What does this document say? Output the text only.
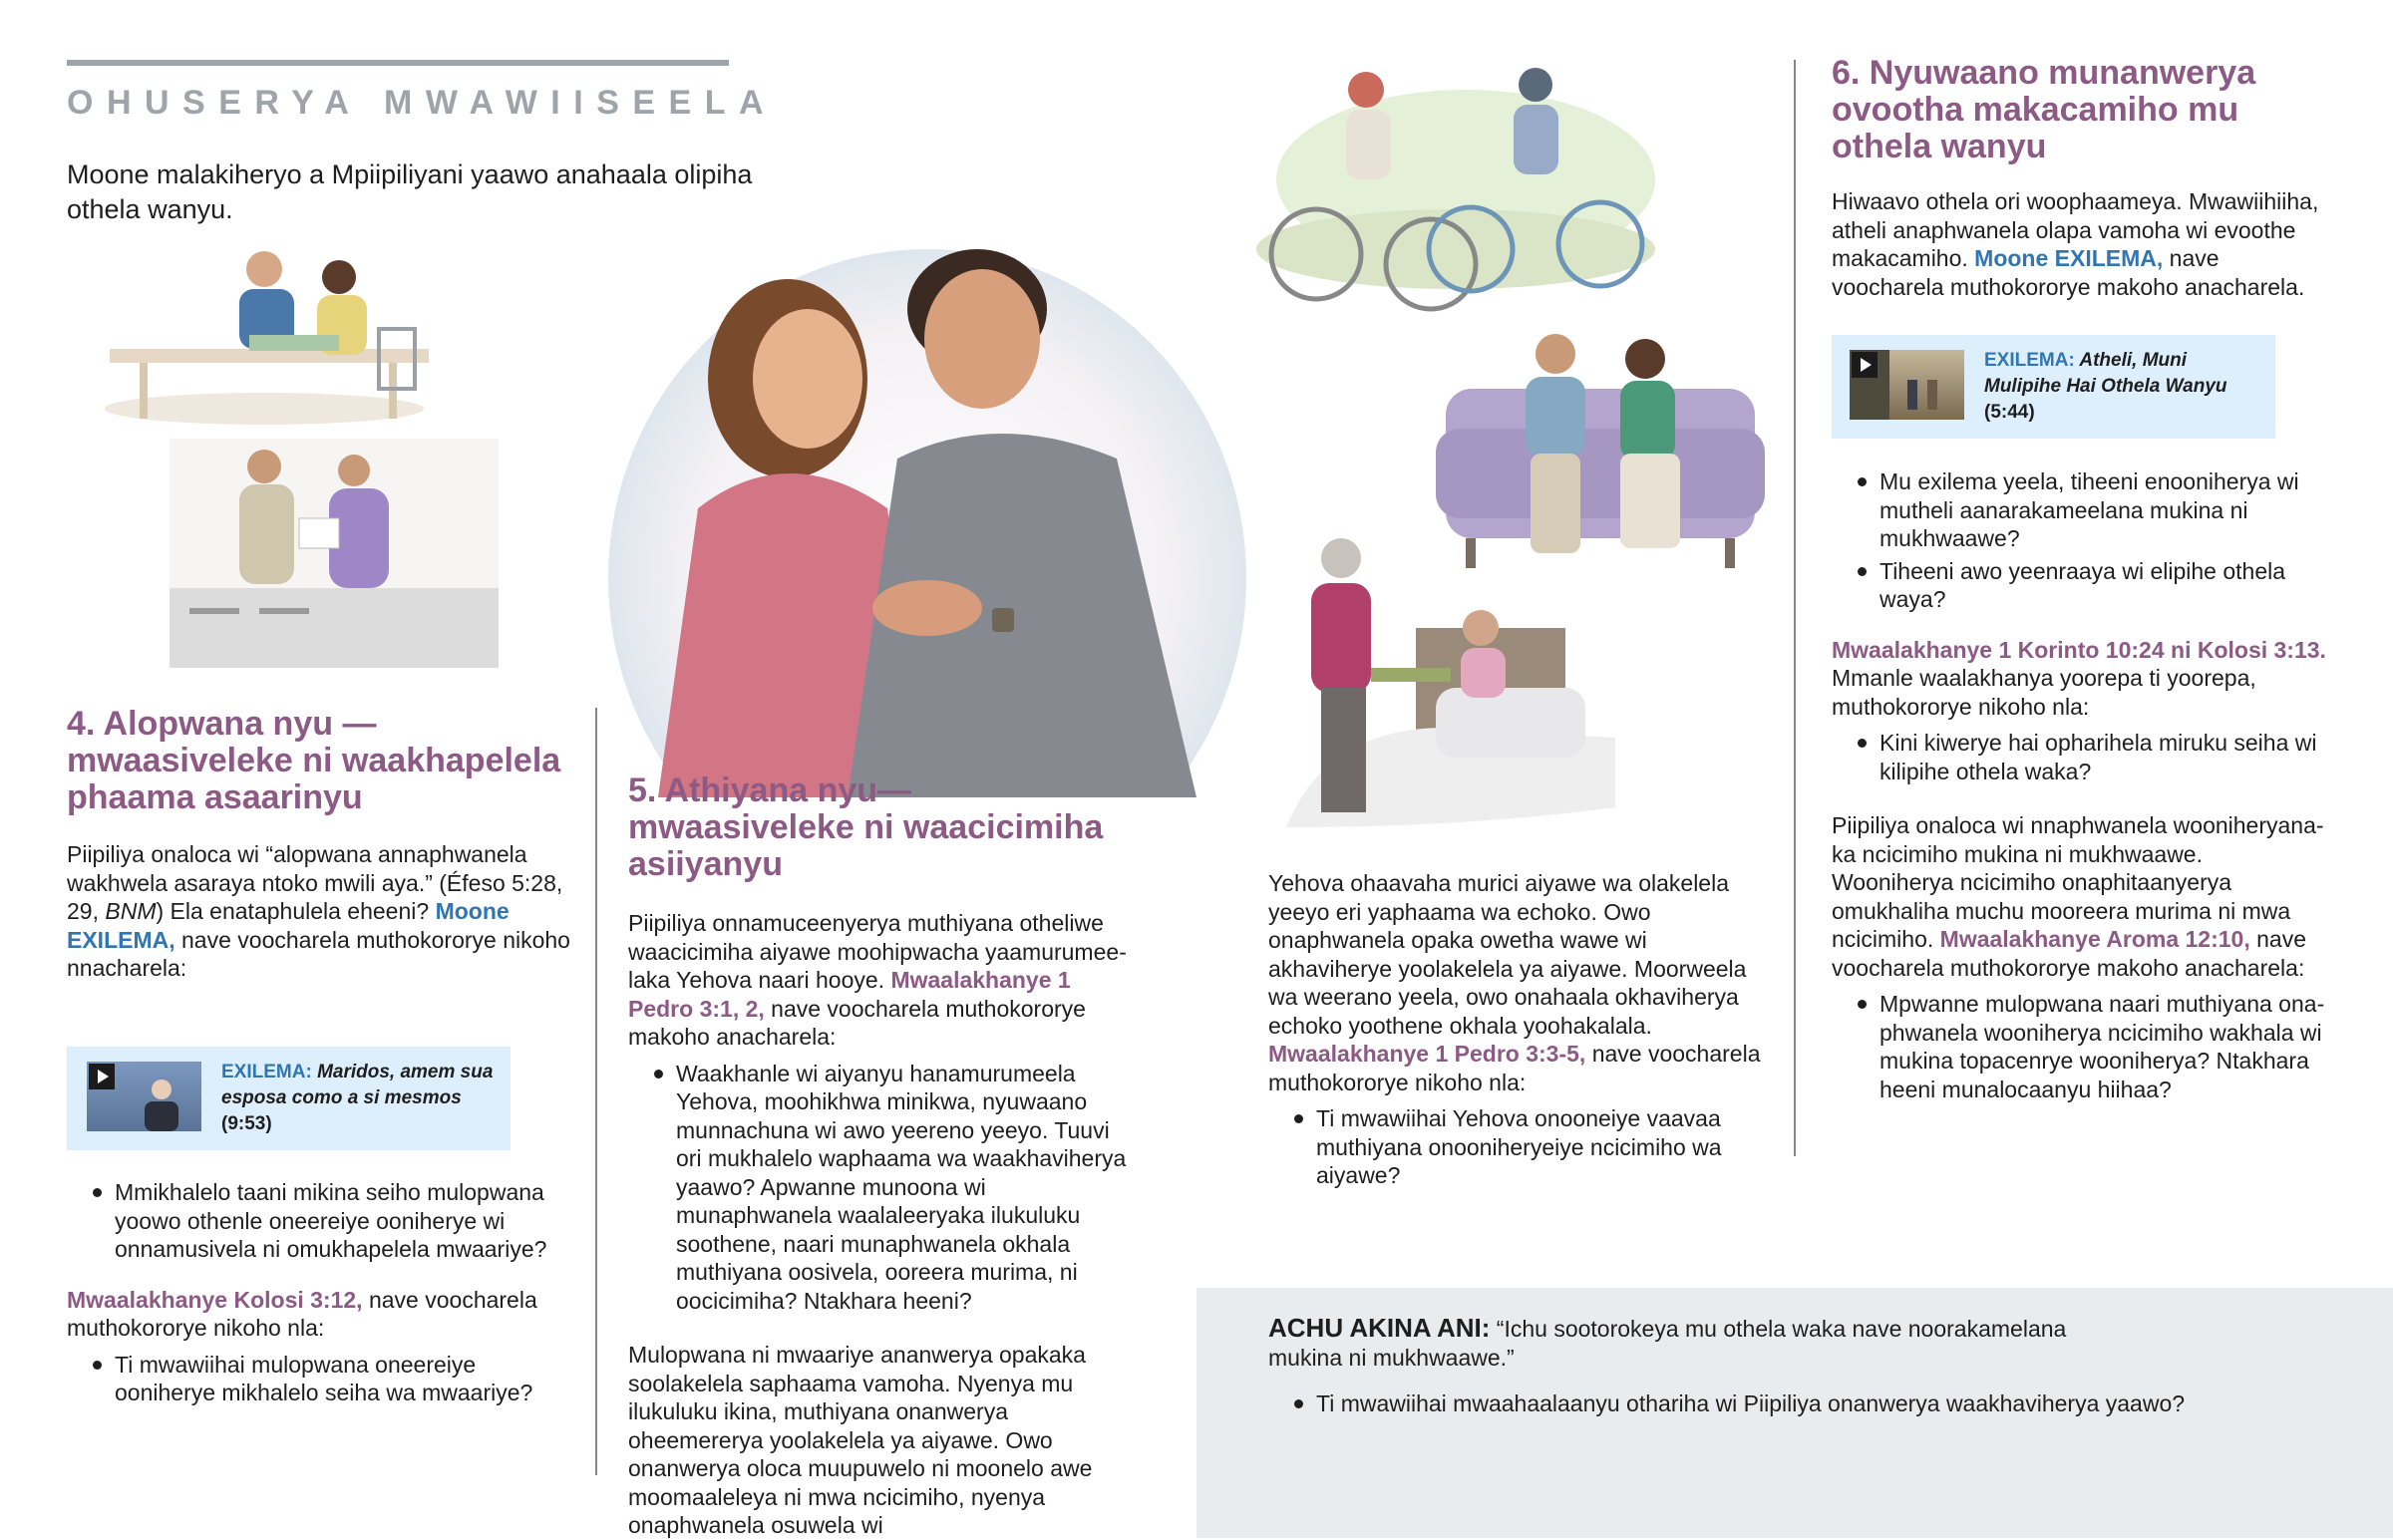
OHUSERYA MWAWIISEELA
Moone malakiheryo a Mpiipiliyani yaawo anahaala olipiha othela wanyu.
4. Alopwana nyu —mwaasiveleke ni waakhapelela phaama asaarinyu

Piipiliya onaloca wi “alopwana annaphwanela wakhwela asaraya ntoko mwili aya.” (Éfeso 5:28, 29, BNM) Ela enataphulela eheeni? Moone EXILEMA, nave voocharela muthokororye nikoho nnacharela:

EXILEMA: Maridos, amem sua esposa como a si mesmos
(9:53)
Mmikhalelo taani mikina seiho mulopwana yoowo othenle oneereiye ooniherye wi onnamusivela ni omukhapelela mwaariye?

Mwaalakhanye Kolosi 3:12, nave voocharela muthokororye nikoho nla:

Ti mwawiihai mulopwana oneereiye ooniherye mikhalelo seiha wa mwaariye?
5. Athiyana nyu—mwaasiveleke ni waacicimiha asiiyanyu

Piipiliya onnamuceenyerya muthiyana otheliwe waacicimiha aiyawe moohipwacha yaamurumeelaka Yehova naari hooye. Mwaalakhanye 1 Pedro 3:1, 2, nave voocharela muthokororye makoho anacharela:

Waakhanle wi aiyanyu hanamurumeela Yehova, moohikhwa minikwa, nyuwaano munnachuna wi awo yeereno yeeyo. Tuuvi ori mukhalelo waphaama wa waakhaviherya yaawo? Apwanne munoona wi munaphwanela waalaleeryaka ilukuluku soothene, naari munaphwanela okhala muthiyana oosivela, ooreera murima, ni oocicimiha? Ntakhara heeni?

Mulopwana ni mwaariye ananwerya opakaka soolakelela saphaama vamoha. Nyenya mu ilukuluku ikina, muthiyana onanwerya oheemererya yoolakelela ya aiyawe. Owo onanwerya oloca muupuwelo ni moonelo awe moomaaleleya ni mwa ncicimiho, nyenya onaphwanela osuwela wi

Yehova ohaavaha murici aiyawe wa olakelela yeeyo eri yaphaama wa echoko. Owo onaphwanela opaka owetha wawe wi akhaviherye yoolakelela ya aiyawe. Moorweela wa weerano yeela, owo onahaala okhaviherya echoko yoothene okhala yoohakalala. Mwaalakhanye 1 Pedro 3:3-5, nave voocharela muthokororye nikoho nla:

Ti mwawiihai Yehova onooneiye vaavaa muthiyana onooniheryeiye ncicimiho wa aiyawe?
6. Nyuwaano munanwerya ovootha makacamiho mu othela wanyu

Hiwaavo othela ori woophaameya. Mwawiihiiha, atheli anaphwanela olapa vamoha wi evoothe makacamiho. Moone EXILEMA, nave voocharela muthokororye makoho anacharela.

EXILEMA: Atheli, Muni Mulipihe Hai Othela Wanyu
(5:44)
Mu exilema yeela, tiheeni enooniherya wi mutheli aanarakameelana mukina ni mukhwaawe?
Tiheeni awo yeenraaya wi elipihe othela waya?

Mwaalakhanye 1 Korinto 10:24 ni Kolosi 3:13.
Mmanle waalakhanya yoorepa ti yoorepa, muthokororye nikoho nla:

Kini kiwerye hai opharihela miruku seiha wi kilipihe othela waka?

Piipiliya onaloca wi nnaphwanela wooniheryanaka ncicimiho mukina ni mukhwaawe. Wooniherya ncicimiho onaphitaanyerya omukhaliha muchu mooreera murima ni mwa ncicimiho. Mwaalakhanye Aroma 12:10, nave voocharela muthokororye makoho anacharela:

Mpwanne mulopwana naari muthiyana onaphwanela wooniherya ncicimiho wakhala wi mukina topacenrye wooniherya? Ntakhara heeni munalocaanyu hiihaa?

ACHU AKINA ANI: “Ichu sootorokeya mu othela waka nave noorakamelana mukina ni mukhwaawe.”

Ti mwawiihai mwaahaalaanyu othariha wi Piipiliya onanwerya waakhaviherya yaawo?
